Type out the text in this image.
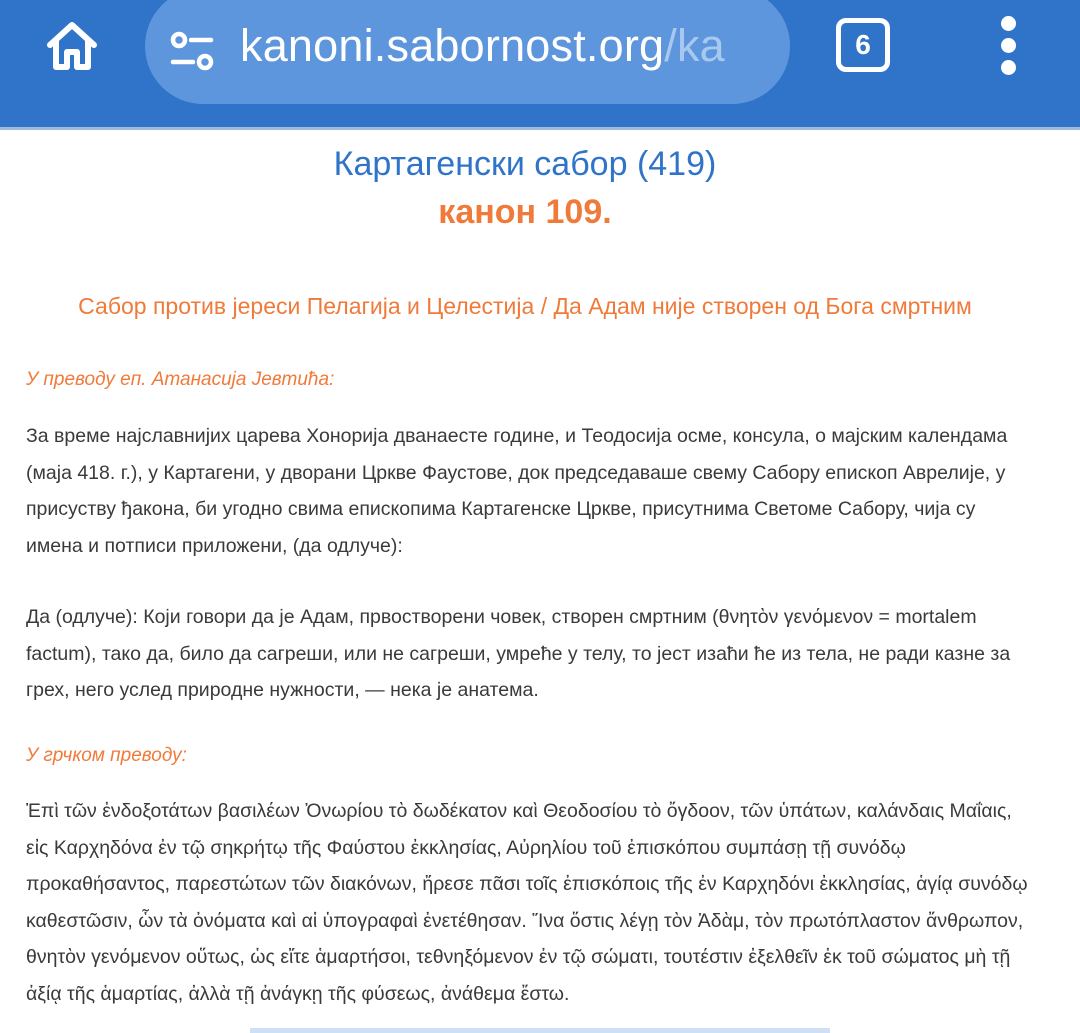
kanoni.sabornost.org/ka	6
Картагенски сабор (419)
канон 109.
Сабор против јереси Пелагија и Целестија / Да Адам није створен од Бога смртним
У преводу еп. Атанасија Јевтића:
За време најславнијих царева Хонорија дванаесте године, и Теодосија осме, консула, о мајским календама (маја 418. г.), у Картагени, у дворани Цркве Фаустове, док председаваше свему Сабору епископ Аврелије, у присуству ђакона, би угодно свима епископима Картагенске Цркве, присутнима Светоме Сабору, чија су имена и потписи приложени, (да одлуче):
Да (одлуче): Који говори да је Адам, првостворени човек, створен смртним (θνητὸν γενόμενον = mortalem factum), тако да, било да сагреши, или не сагреши, умреће у телу, то јест изаћи ће из тела, не ради казне за грех, него услед природне нужности, — нека је анатема.
У грчком преводу:
Ἐπὶ τῶν ἐνδοξοτάτων βασιλέων Ὀνωρίου τὸ δωδέκατον καὶ Θεοδοσίου τὸ ὄγδοον, τῶν ὑπάτων, καλάνδαις Μαΐαις, εἰς Καρχηδόνα ἐν τῷ σηκρήτῳ τῆς Φαύστου ἐκκλησίας, Αὐρηλίου τοῦ ἐπισκόπου συμπάσῃ τῇ συνόδῳ προκαθήσαντος, παρεστώτων τῶν διακόνων, ἤρεσε πᾶσι τοῖς ἐπισκόποις τῆς ἐν Καρχηδόνι ἐκκλησίας, ἁγίᾳ συνόδῳ καθεστῶσιν, ὧν τὰ ὀνόματα καὶ αἱ ὑπογραφαὶ ἐνετέθησαν. Ἵνα ὅστις λέγῃ τὸν Ἀδὰμ, τὸν πρωτόπλαστον ἄνθρωπον, θνητὸν γενόμενον οὕτως, ὡς εἴτε ἁμαρτήσοι, τεθνηξόμενον ἐν τῷ σώματι, τουτέστιν ἐξελθεῖν ἐκ τοῦ σώματος μὴ τῇ ἀξίᾳ τῆς ἁμαρτίας, ἀλλὰ τῇ ἀνάγκῃ τῆς φύσεως, ἀνάθεμα ἔστω.
